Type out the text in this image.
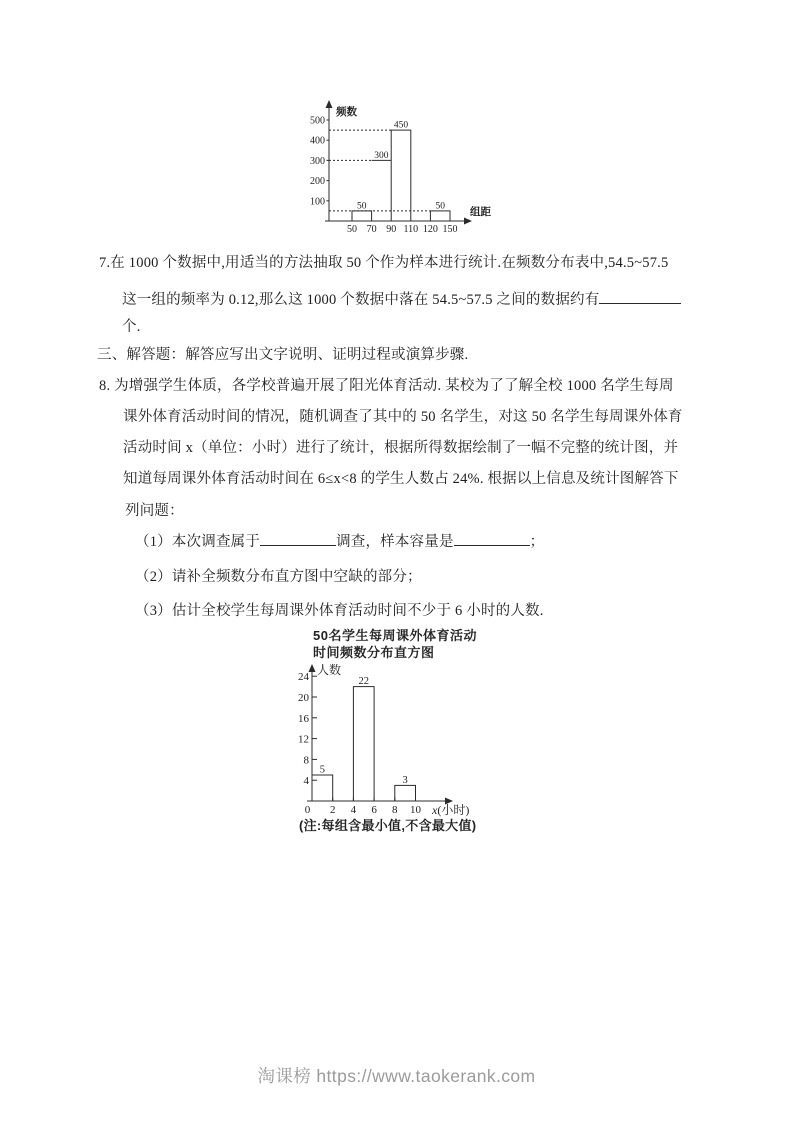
100
200
300
400
500
50 70 90 110 120 150
50
300
450
50
频数
组距
7.在 1000 个数据中,用适当的方法抽取 50 个作为样本进行统计.在频数分布表中,54.5~57.5
这一组的频率为 0.12,那么这 1000 个数据中落在 54.5~57.5 之间的数据约有
个.
三、解答题：解答应写出文字说明、证明过程或演算步骤.
8. 为增强学生体质，各学校普遍开展了阳光体育活动. 某校为了了解全校 1000 名学生每周
课外体育活动时间的情况，随机调查了其中的 50 名学生，对这 50 名学生每周课外体育
活动时间 x（单位：小时）进行了统计，根据所得数据绘制了一幅不完整的统计图，并
知道每周课外体育活动时间在 6≤x<8 的学生人数占 24%. 根据以上信息及统计图解答下
列问题：
（1）本次调查属于	调查，样本容量是	；
（2）请补全频数分布直方图中空缺的部分；
（3）估计全校学生每周课外体育活动时间不少于 6 小时的人数.
50名学生每周课外体育活动
时间频数分布直方图
4
8
12
16
20
24
0 2 4 6 8 10
5
22
3
人数
x(小时)
(注:每组含最小值,不含最大值)
淘课榜 https://www.taokerank.com
